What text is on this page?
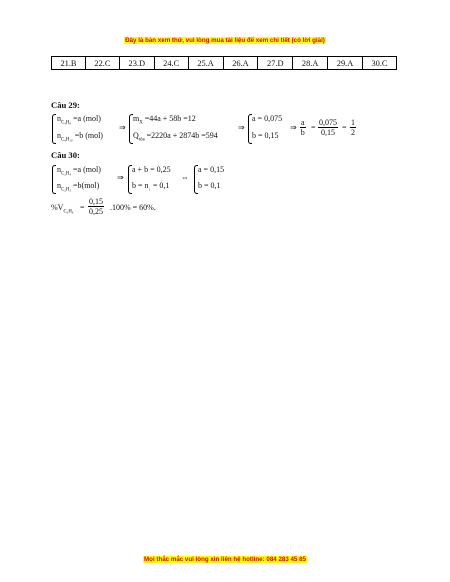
Đây là bản xem thử, vui lòng mua tài liệu để xem chi tiết (có lời giải)
21.B	22.C	23.D	24.C	25.A	26.A	27.D	28.A	29.A	30.C
Câu 29:
$n_{C_4H_8} =a$ (mol)
$n_{C_4H_{10}} =b$ (mol)
⇒
$m_X =44a + 58b =12$
$Q_{tỏa} =2220a + 2874b =594$
⇒
a = 0,075
b = 0,15
⇒ $\frac{a}{b} = \frac{0,075}{0,15} = \frac{1}{2}$
Câu 30:
$n_{C_2H_4} =a$ (mol)
$n_{C_2H_2} =b(mol)$
⇒
a + b = 0,25
$b = n_↓ = 0,1$
⇔
a = 0,15
b = 0,1
$\%V_{C_2H_4}$
= $\frac{0,15}{0,25} .100\% = 60\%$.
Mọi thắc mắc vui lòng xin liên hệ hotline: 084 283 45 85
